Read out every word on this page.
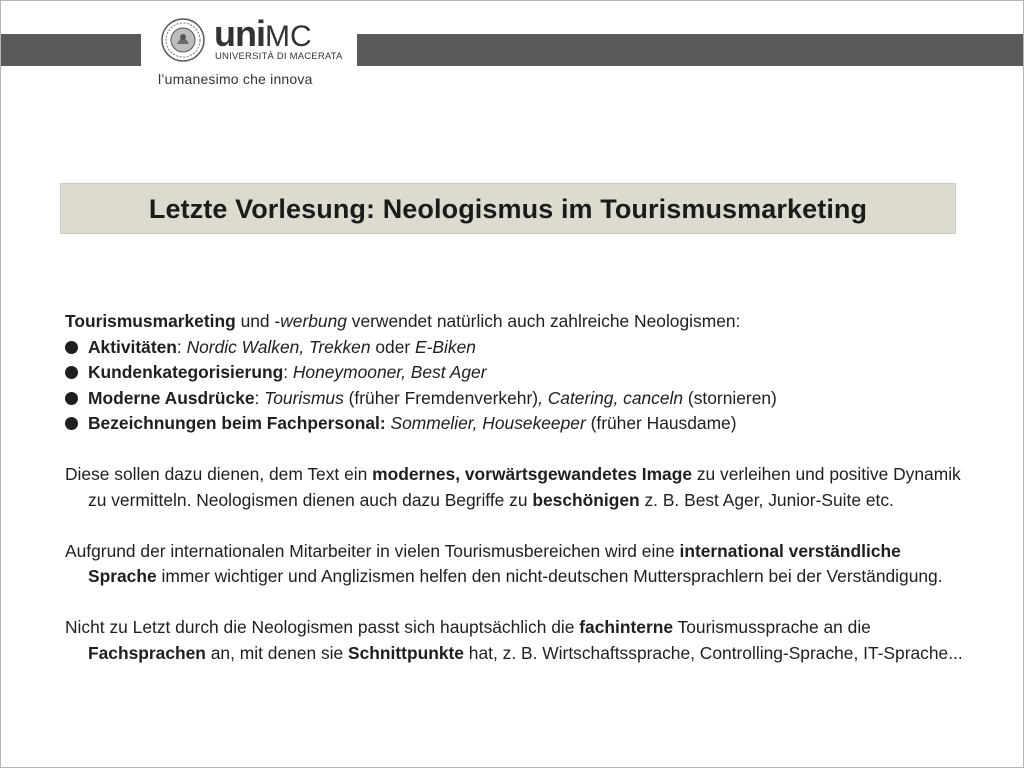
uniMC
UNIVERSITÀ DI MACERATA
l’umanesimo che innova
Letzte Vorlesung: Neologismus im Tourismusmarketing

Tourismusmarketing und -werbung verwendet natürlich auch zahlreiche Neologismen:

Aktivitäten: Nordic Walken, Trekken oder E-Biken

Kundenkategorisierung: Honeymooner, Best Ager

Moderne Ausdrücke: Tourismus (früher Fremdenverkehr), Catering, canceln (stornieren)

Bezeichnungen beim Fachpersonal: Sommelier, Housekeeper (früher Hausdame)

Diese sollen dazu dienen, dem Text ein modernes, vorwärtsgewandetes Image zu verleihen und positive Dynamik zu vermitteln. Neologismen dienen auch dazu Begriffe zu beschönigen z. B. Best Ager, Junior-Suite etc.

Aufgrund der internationalen Mitarbeiter in vielen Tourismusbereichen wird eine international verständliche Sprache immer wichtiger und Anglizismen helfen den nicht-deutschen Muttersprachlern bei der Verständigung.

Nicht zu Letzt durch die Neologismen passt sich hauptsächlich die fachinterne Tourismussprache an die Fachsprachen an, mit denen sie Schnittpunkte hat, z. B. Wirtschaftssprache, Controlling-Sprache, IT-Sprache...
